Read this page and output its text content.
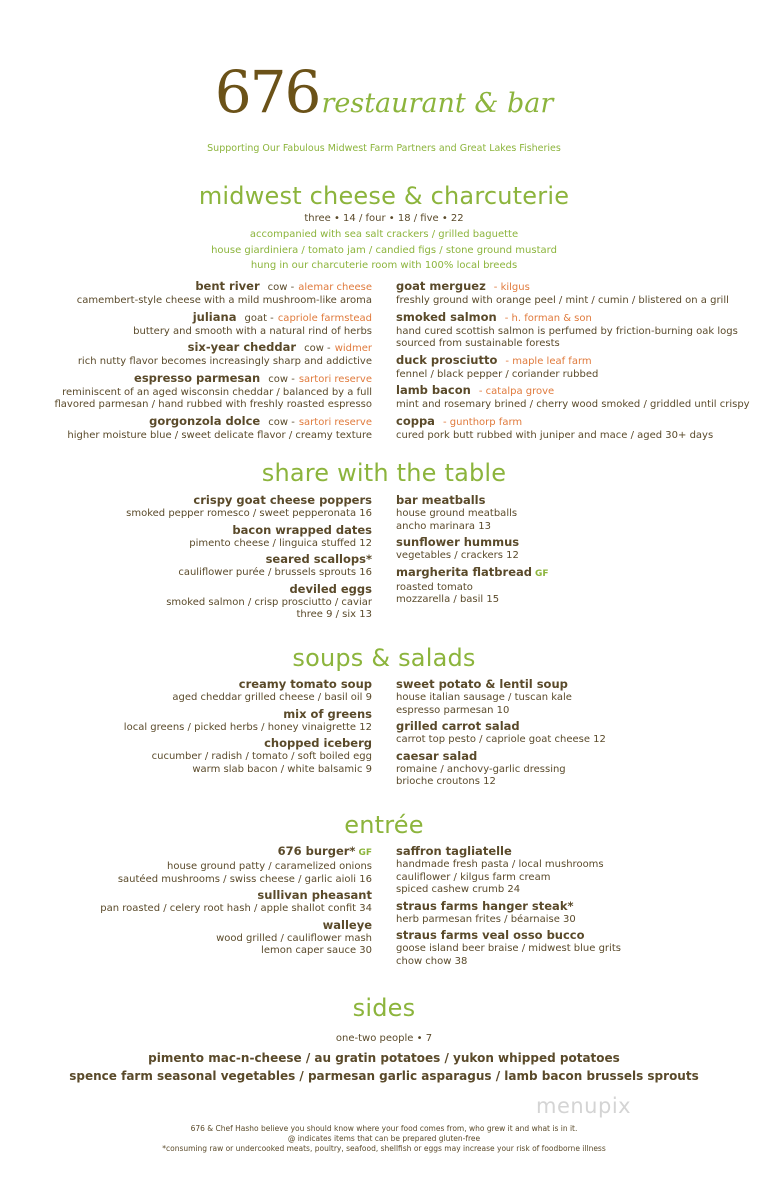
676restaurant & bar
Supporting Our Fabulous Midwest Farm Partners and Great Lakes Fisheries
midwest cheese & charcuterie
three • 14 / four • 18 / five • 22
accompanied with sea salt crackers / grilled baguette
house giardiniera / tomato jam / candied figs / stone ground mustard
hung in our charcuterie room with 100% local breeds
bent river cow - alemar cheese
camembert-style cheese with a mild mushroom-like aroma
juliana goat - capriole farmstead
buttery and smooth with a natural rind of herbs
six-year cheddar cow - widmer
rich nutty flavor becomes increasingly sharp and addictive
espresso parmesan cow - sartori reserve
reminiscent of an aged wisconsin cheddar / balanced by a full
flavored parmesan / hand rubbed with freshly roasted espresso
gorgonzola dolce cow - sartori reserve
higher moisture blue / sweet delicate flavor / creamy texture
goat merguez - kilgus
freshly ground with orange peel / mint / cumin / blistered on a grill
smoked salmon - h. forman & son
hand cured scottish salmon is perfumed by friction-burning oak logs
sourced from sustainable forests
duck prosciutto - maple leaf farm
fennel / black pepper / coriander rubbed
lamb bacon - catalpa grove
mint and rosemary brined / cherry wood smoked / griddled until crispy
coppa - gunthorp farm
cured pork butt rubbed with juniper and mace / aged 30+ days
share with the table
crispy goat cheese poppers
smoked pepper romesco / sweet pepperonata 16
bacon wrapped dates
pimento cheese / linguica stuffed 12
seared scallops*
cauliflower purée / brussels sprouts 16
deviled eggs
smoked salmon / crisp prosciutto / caviar
three 9 / six 13
bar meatballs
house ground meatballs
ancho marinara 13
sunflower hummus
vegetables / crackers 12
margherita flatbread GF
roasted tomato
mozzarella / basil 15
soups & salads
creamy tomato soup
aged cheddar grilled cheese / basil oil 9
mix of greens
local greens / picked herbs / honey vinaigrette 12
chopped iceberg
cucumber / radish / tomato / soft boiled egg
warm slab bacon / white balsamic 9
sweet potato & lentil soup
house italian sausage / tuscan kale
espresso parmesan 10
grilled carrot salad
carrot top pesto / capriole goat cheese 12
caesar salad
romaine / anchovy-garlic dressing
brioche croutons 12
entrée
676 burger* GF
house ground patty / caramelized onions
sautéed mushrooms / swiss cheese / garlic aioli 16
sullivan pheasant
pan roasted / celery root hash / apple shallot confit 34
walleye
wood grilled / cauliflower mash
lemon caper sauce 30
saffron tagliatelle
handmade fresh pasta / local mushrooms
cauliflower / kilgus farm cream
spiced cashew crumb 24
straus farms hanger steak*
herb parmesan frites / béarnaise 30
straus farms veal osso bucco
goose island beer braise / midwest blue grits
chow chow 38
sides
one-two people • 7
pimento mac-n-cheese / au gratin potatoes / yukon whipped potatoes
spence farm seasonal vegetables / parmesan garlic asparagus / lamb bacon brussels sprouts
menupix
676 & Chef Hasho believe you should know where your food comes from, who grew it and what is in it.
@ indicates items that can be prepared gluten-free
*consuming raw or undercooked meats, poultry, seafood, shellfish or eggs may increase your risk of foodborne illness
